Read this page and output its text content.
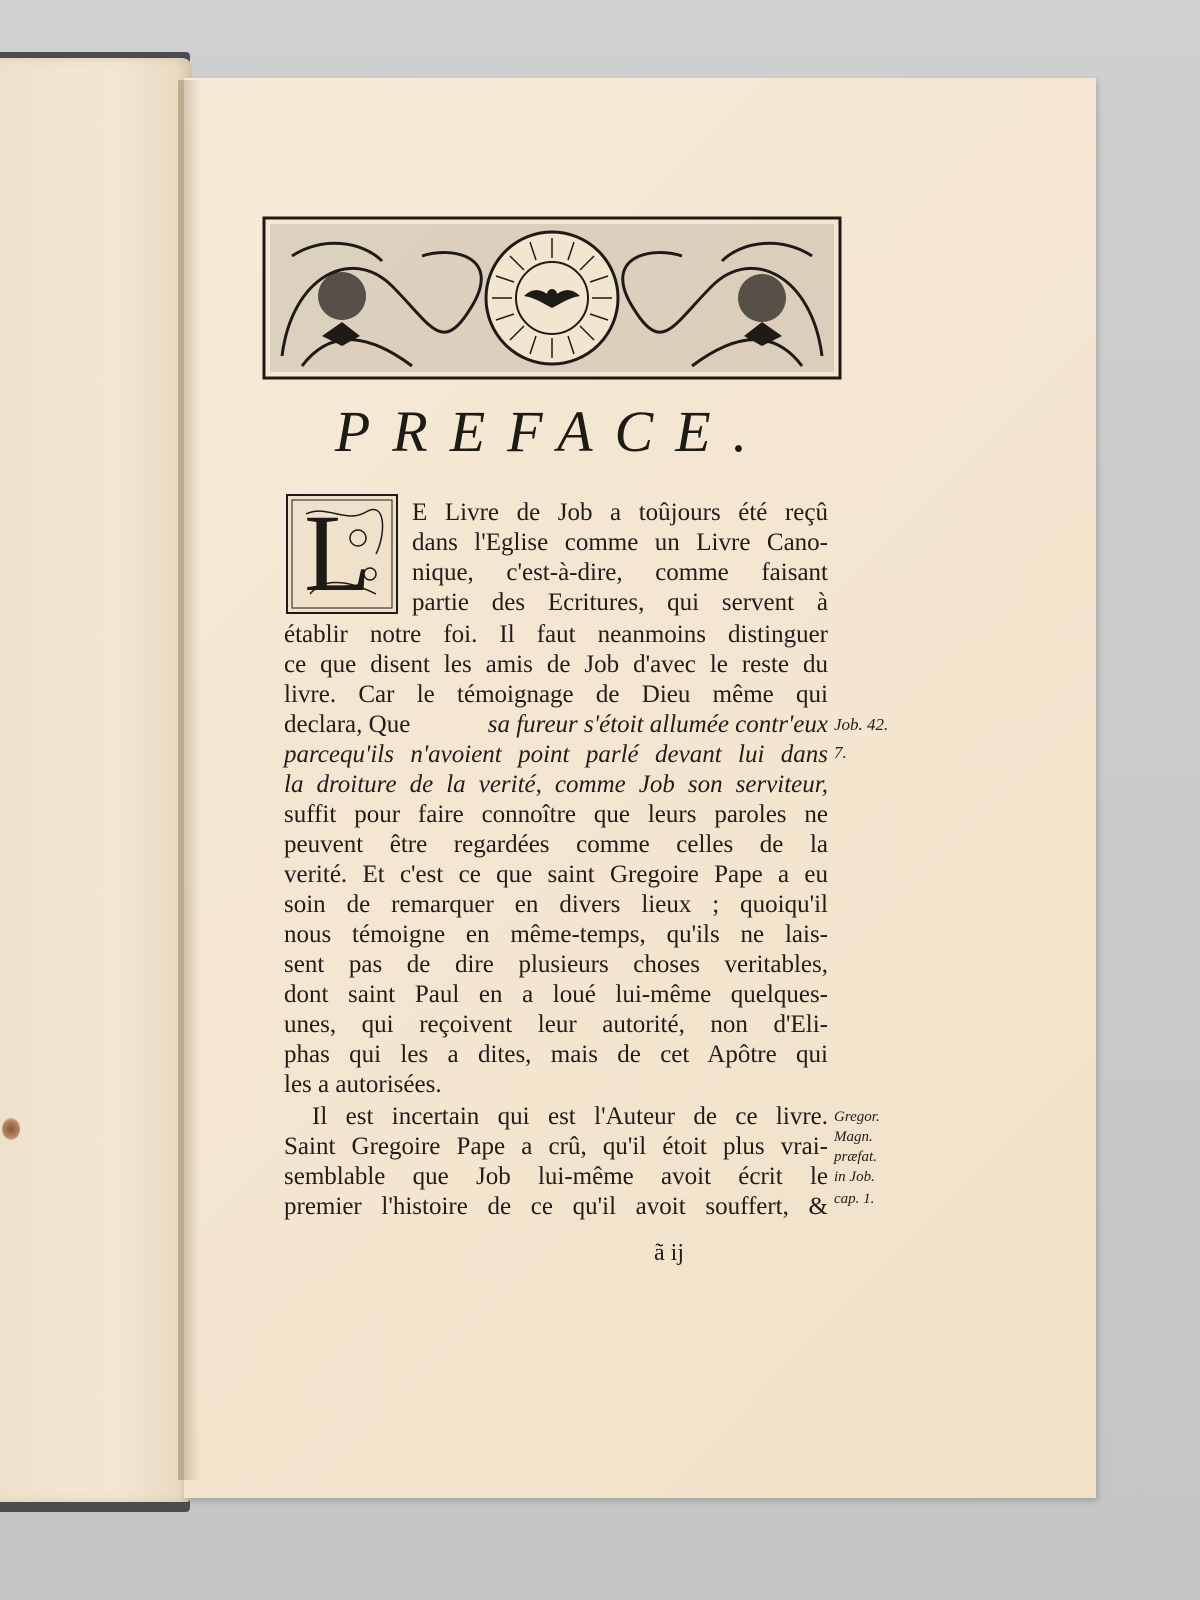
PREFACE.
L E Livre de Job a toûjours été reçû
dans l'Eglise comme un Livre Cano-
nique, c'est-à-dire, comme faisant
partie des Ecritures, qui servent à
établir notre foi. Il faut neanmoins distinguer
ce que disent les amis de Job d'avec le reste du
livre. Car le témoignage de Dieu même qui
declara, Que	sa fureur s'étoit allumée contr'eux
parcequ'ils n'avoient point parlé devant lui dans
la droiture de la verité, comme Job son serviteur,
suffit pour faire connoître que leurs paroles ne
peuvent être regardées comme celles de la
verité. Et c'est ce que saint Gregoire Pape a eu
soin de remarquer en divers lieux ; quoiqu'il
nous témoigne en même-temps, qu'ils ne lais-
sent pas de dire plusieurs choses veritables,
dont saint Paul en a loué lui-même quelques-
unes, qui reçoivent leur autorité, non d'Eli-
phas qui les a dites, mais de cet Apôtre qui
les a autorisées.
Il est incertain qui est l'Auteur de ce livre.
Saint Gregoire Pape a crû, qu'il étoit plus vrai-
semblable que Job lui-même avoit écrit le
premier l'histoire de ce qu'il avoit souffert, &
Job. 42.
7.
Gregor.
Magn.
præfat.
in Job.
cap. 1.
ã ij
